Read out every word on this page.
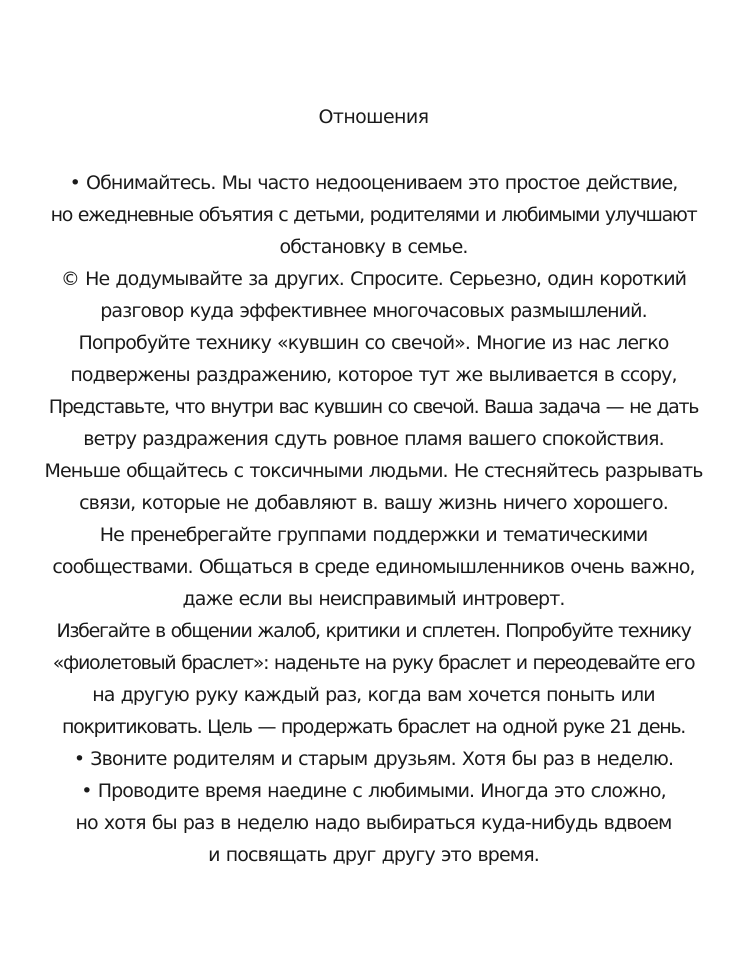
Отношения
• Обнимайтесь. Мы часто недооцениваем это простое действие,
но ежедневные объятия с детьми, родителями и любимыми улучшают
обстановку в семье.
© Не додумывайте за других. Спросите. Серьезно, один короткий
разговор куда эффективнее многочасовых размышлений.
Попробуйте технику «кувшин со свечой». Многие из нас легко
подвержены раздражению, которое тут же выливается в ссору,
Представьте, что внутри вас кувшин со свечой. Ваша задача — не дать
ветру раздражения сдуть ровное пламя вашего спокойствия.
Меньше общайтесь с токсичными людьми. Не стесняйтесь разрывать
связи, которые не добавляют в. вашу жизнь ничего хорошего.
Не пренебрегайте группами поддержки и тематическими
сообществами. Общаться в среде единомышленников очень важно,
даже если вы неисправимый интроверт.
Избегайте в общении жалоб, критики и сплетен. Попробуйте технику
«фиолетовый браслет»: наденьте на руку браслет и переодевайте его
на другую руку каждый раз, когда вам хочется поныть или
покритиковать. Цель — продержать браслет на одной руке 21 день.
• Звоните родителям и старым друзьям. Хотя бы раз в неделю.
• Проводите время наедине с любимыми. Иногда это сложно,
но хотя бы раз в неделю надо выбираться куда-нибудь вдвоем
и посвящать друг другу это время.
